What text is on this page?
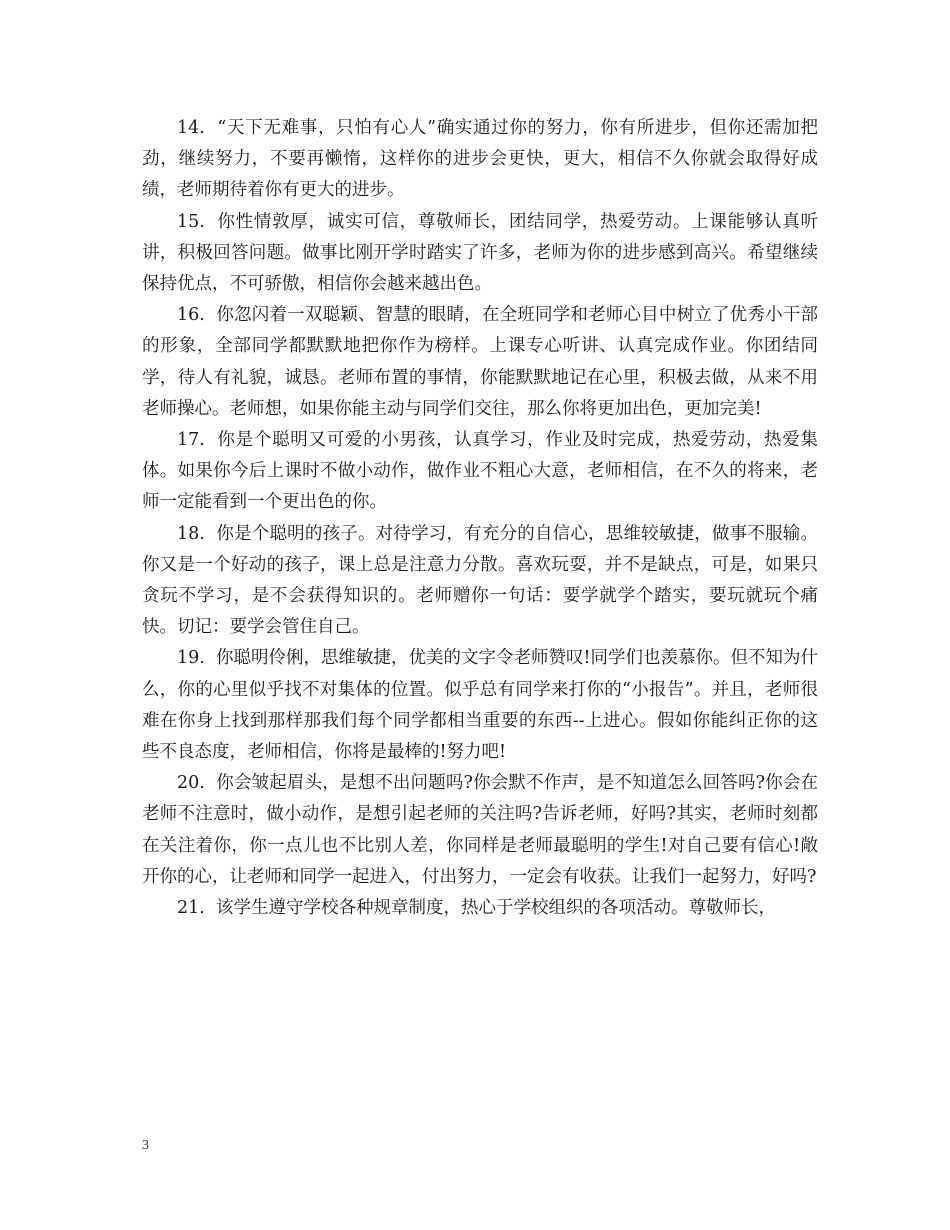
14. “天下无难事，只怕有心人”确实通过你的努力，你有所进步，但你还需加把劲，继续努力，不要再懒惰，这样你的进步会更快，更大，相信不久你就会取得好成绩，老师期待着你有更大的进步。

15. 你性情敦厚，诚实可信，尊敬师长，团结同学，热爱劳动。上课能够认真听讲，积极回答问题。做事比刚开学时踏实了许多，老师为你的进步感到高兴。希望继续保持优点，不可骄傲，相信你会越来越出色。

16. 你忽闪着一双聪颖、智慧的眼睛，在全班同学和老师心目中树立了优秀小干部的形象，全部同学都默默地把你作为榜样。上课专心听讲、认真完成作业。你团结同学，待人有礼貌，诚恳。老师布置的事情，你能默默地记在心里，积极去做，从来不用老师操心。老师想，如果你能主动与同学们交往，那么你将更加出色，更加完美!

17. 你是个聪明又可爱的小男孩，认真学习，作业及时完成，热爱劳动，热爱集体。如果你今后上课时不做小动作，做作业不粗心大意，老师相信，在不久的将来，老师一定能看到一个更出色的你。

18. 你是个聪明的孩子。对待学习，有充分的自信心，思维较敏捷，做事不服输。你又是一个好动的孩子，课上总是注意力分散。喜欢玩耍，并不是缺点，可是，如果只贪玩不学习，是不会获得知识的。老师赠你一句话：要学就学个踏实，要玩就玩个痛快。切记：要学会管住自己。

19. 你聪明伶俐，思维敏捷，优美的文字令老师赞叹!同学们也羡慕你。但不知为什么，你的心里似乎找不对集体的位置。似乎总有同学来打你的“小报告”。并且，老师很难在你身上找到那样那我们每个同学都相当重要的东西--上进心。假如你能纠正你的这些不良态度，老师相信，你将是最棒的!努力吧!

20. 你会皱起眉头，是想不出问题吗?你会默不作声，是不知道怎么回答吗?你会在老师不注意时，做小动作，是想引起老师的关注吗?告诉老师，好吗?其实，老师时刻都在关注着你，你一点儿也不比别人差，你同样是老师最聪明的学生!对自己要有信心!敞开你的心，让老师和同学一起进入，付出努力，一定会有收获。让我们一起努力，好吗?

21. 该学生遵守学校各种规章制度，热心于学校组织的各项活动。尊敬师长，

3
